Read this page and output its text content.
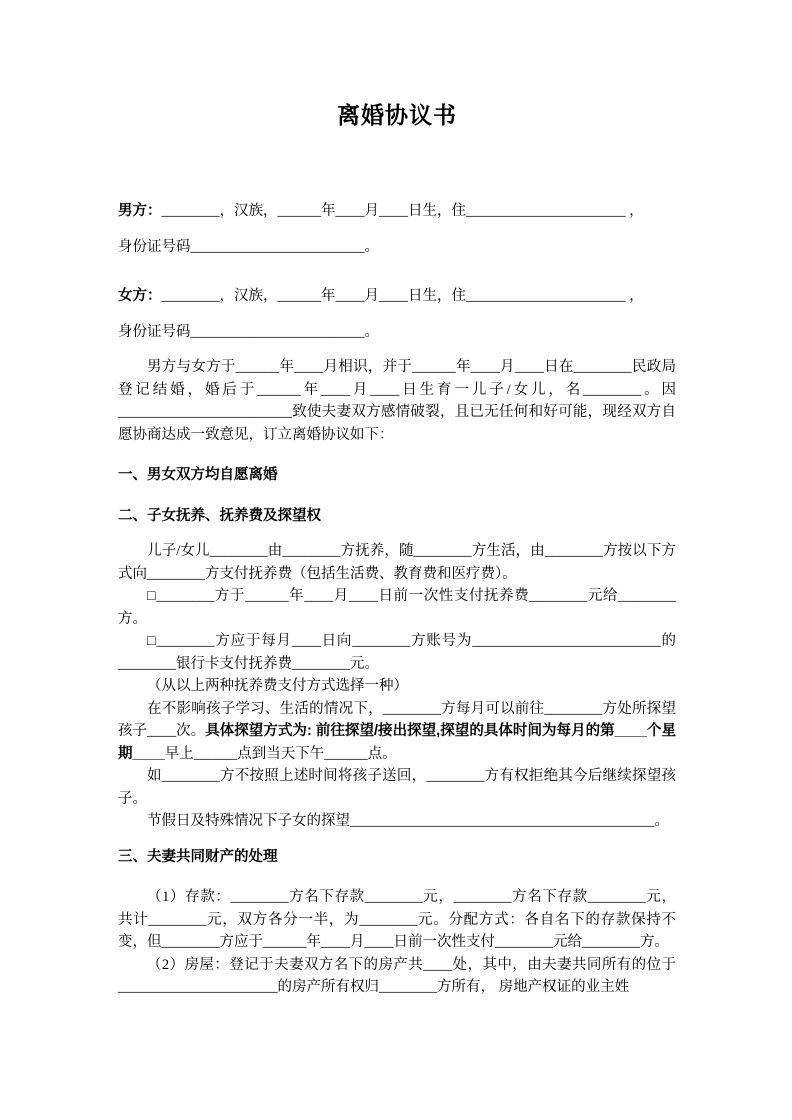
离婚协议书
男方：________，汉族，______年____月____日生，住______________________ ，
身份证号码________________________。
女方：________，汉族，______年____月____日生，住______________________ ，
身份证号码________________________。
男方与女方于______年____月相识，并于______年____月____日在________民政局登记结婚，婚后于______年____月____日生育一儿子/女儿，名________。因________________________致使夫妻双方感情破裂，且已无任何和好可能，现经双方自愿协商达成一致意见，订立离婚协议如下：
一、男女双方均自愿离婚
二、子女抚养、抚养费及探望权
儿子/女儿________由________方抚养，随________方生活，由________方按以下方式向________方支付抚养费（包括生活费、教育费和医疗费）。
□________方于______年____月____日前一次性支付抚养费________元给________方。
□________方应于每月____日向________方账号为__________________________的________银行卡支付抚养费________元。
（从以上两种抚养费支付方式选择一种）
在不影响孩子学习、生活的情况下，________方每月可以前往________方处所探望孩子____次。具体探望方式为: 前往探望/接出探望,探望的具体时间为每月的第____个星期____早上______点到当天下午______点。
如________方不按照上述时间将孩子送回，________方有权拒绝其今后继续探望孩子。
节假日及特殊情况下子女的探望__________________________________________。
三、夫妻共同财产的处理
（1）存款：________方名下存款________元，________方名下存款________元，共计________元，双方各分一半，为________元。分配方式：各自名下的存款保持不变，但________方应于______年____月____日前一次性支付________元给________方。
（2）房屋：登记于夫妻双方名下的房产共____处，其中，由夫妻共同所有的位于______________________的房产所有权归________方所有， 房地产权证的业主姓
